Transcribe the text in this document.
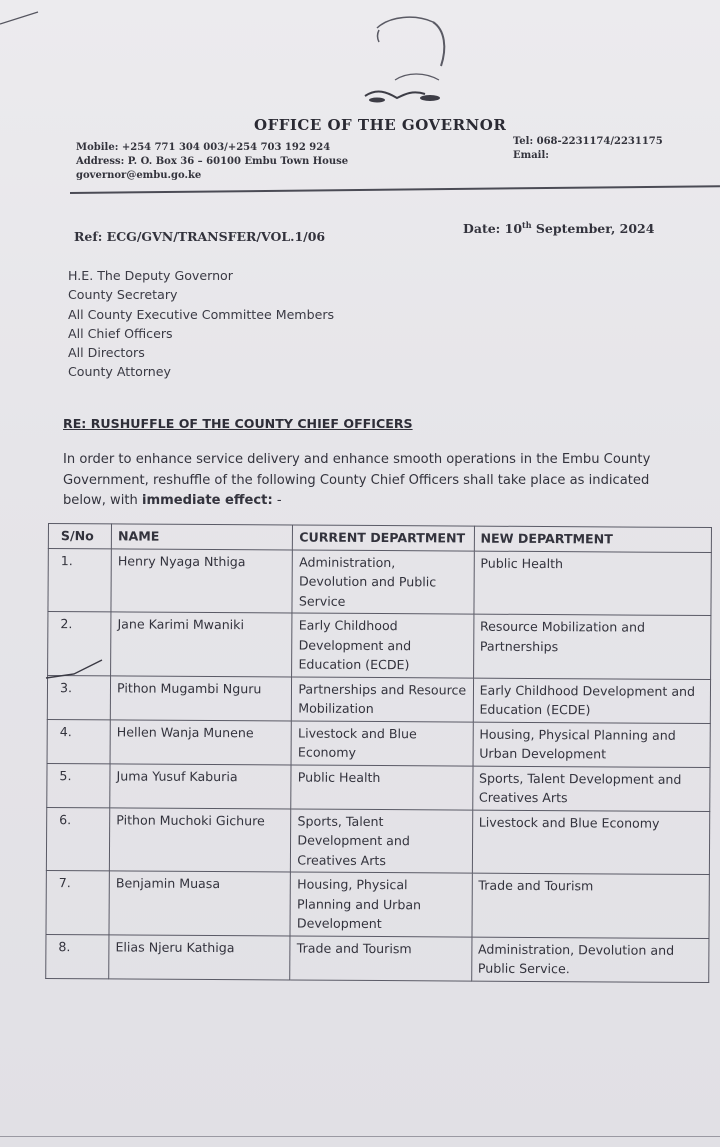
OFFICE OF THE GOVERNOR
Mobile: +254 771 304 003/+254 703 192 924
Address: P. O. Box 36 – 60100 Embu Town House
governor@embu.go.ke
Tel: 068-2231174/2231175
Email:
Ref: ECG/GVN/TRANSFER/VOL.1/06
Date: 10th September, 2024
H.E. The Deputy Governor
County Secretary
All County Executive Committee Members
All Chief Officers
All Directors
County Attorney
RE: RUSHUFFLE OF THE COUNTY CHIEF OFFICERS
In order to enhance service delivery and enhance smooth operations in the Embu County Government, reshuffle of the following County Chief Officers shall take place as indicated below, with immediate effect: -
S/No	NAME	CURRENT DEPARTMENT	NEW DEPARTMENT
1.	Henry Nyaga Nthiga	Administration, Devolution and Public Service	Public Health
2.	Jane Karimi Mwaniki	Early Childhood Development and Education (ECDE)	Resource Mobilization and Partnerships
3.	Pithon Mugambi Nguru	Partnerships and Resource Mobilization	Early Childhood Development and Education (ECDE)
4.	Hellen Wanja Munene	Livestock and Blue Economy	Housing, Physical Planning and Urban Development
5.	Juma Yusuf Kaburia	Public Health	Sports, Talent Development and Creatives Arts
6.	Pithon Muchoki Gichure	Sports, Talent Development and Creatives Arts	Livestock and Blue Economy
7.	Benjamin Muasa	Housing, Physical Planning and Urban Development	Trade and Tourism
8.	Elias Njeru Kathiga	Trade and Tourism	Administration, Devolution and Public Service.
